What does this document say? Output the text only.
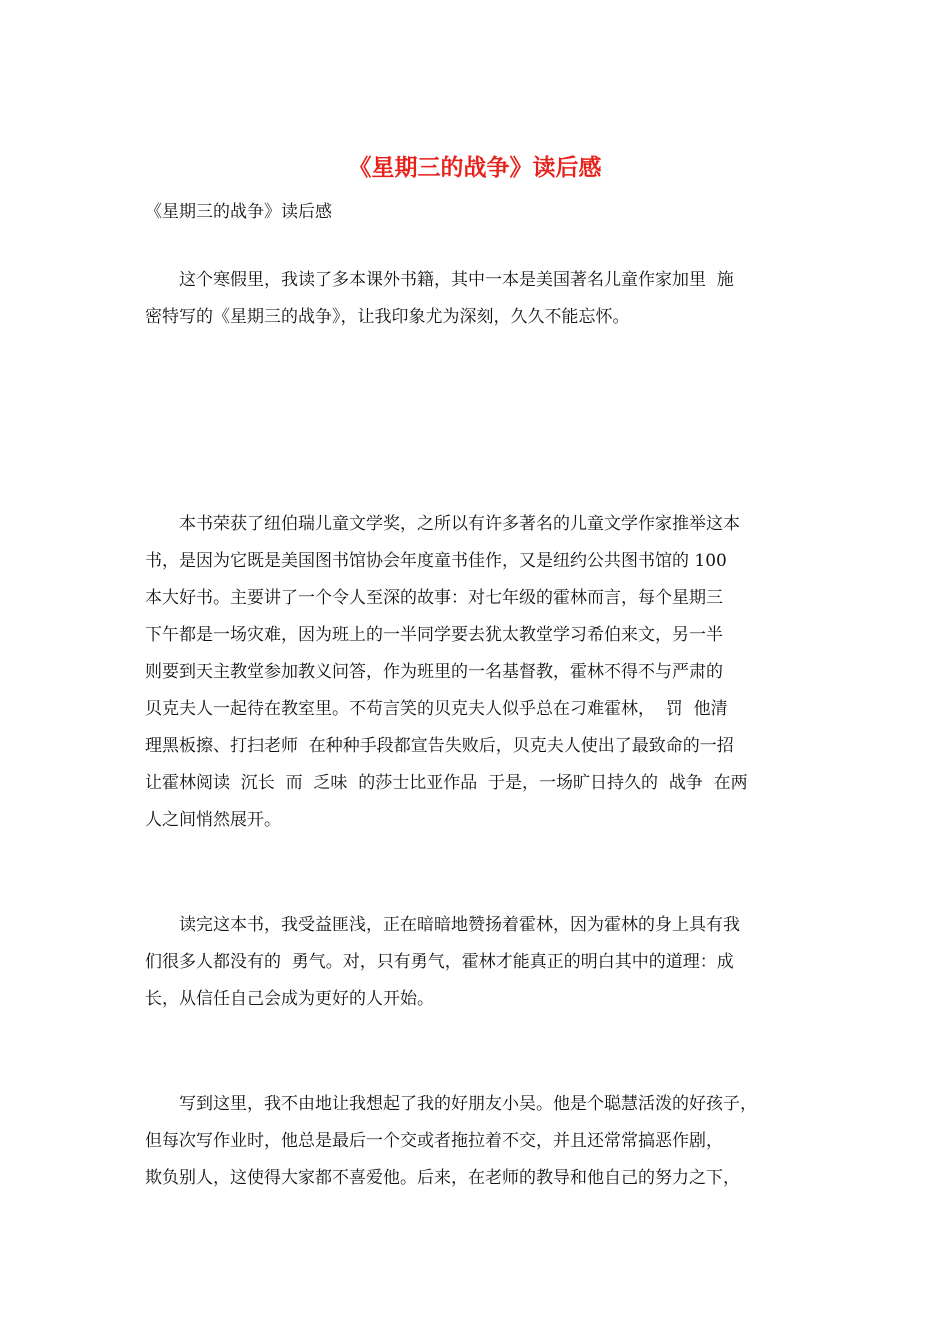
《星期三的战争》读后感

《星期三的战争》读后感

　　这个寒假里，我读了多本课外书籍，其中一本是美国著名儿童作家加里  施
密特写的《星期三的战争》，让我印象尤为深刻，久久不能忘怀。
　　本书荣获了纽伯瑞儿童文学奖，之所以有许多著名的儿童文学作家推举这本
书，是因为它既是美国图书馆协会年度童书佳作，又是纽约公共图书馆的 100
本大好书。主要讲了一个令人至深的故事：对七年级的霍林而言，每个星期三
下午都是一场灾难，因为班上的一半同学要去犹太教堂学习希伯来文，另一半
则要到天主教堂参加教义问答，作为班里的一名基督教，霍林不得不与严肃的
贝克夫人一起待在教室里。不苟言笑的贝克夫人似乎总在刁难霍林，  罚  他清
理黑板擦、打扫老师  在种种手段都宣告失败后，贝克夫人使出了最致命的一招
让霍林阅读  沉长  而  乏味  的莎士比亚作品  于是，一场旷日持久的  战争  在两
人之间悄然展开。
　　读完这本书，我受益匪浅，正在暗暗地赞扬着霍林，因为霍林的身上具有我
们很多人都没有的  勇气。对，只有勇气，霍林才能真正的明白其中的道理：成
长，从信任自己会成为更好的人开始。
　　写到这里，我不由地让我想起了我的好朋友小吴。他是个聪慧活泼的好孩子，
但每次写作业时，他总是最后一个交或者拖拉着不交，并且还常常搞恶作剧，
欺负别人，这使得大家都不喜爱他。后来，在老师的教导和他自己的努力之下，
